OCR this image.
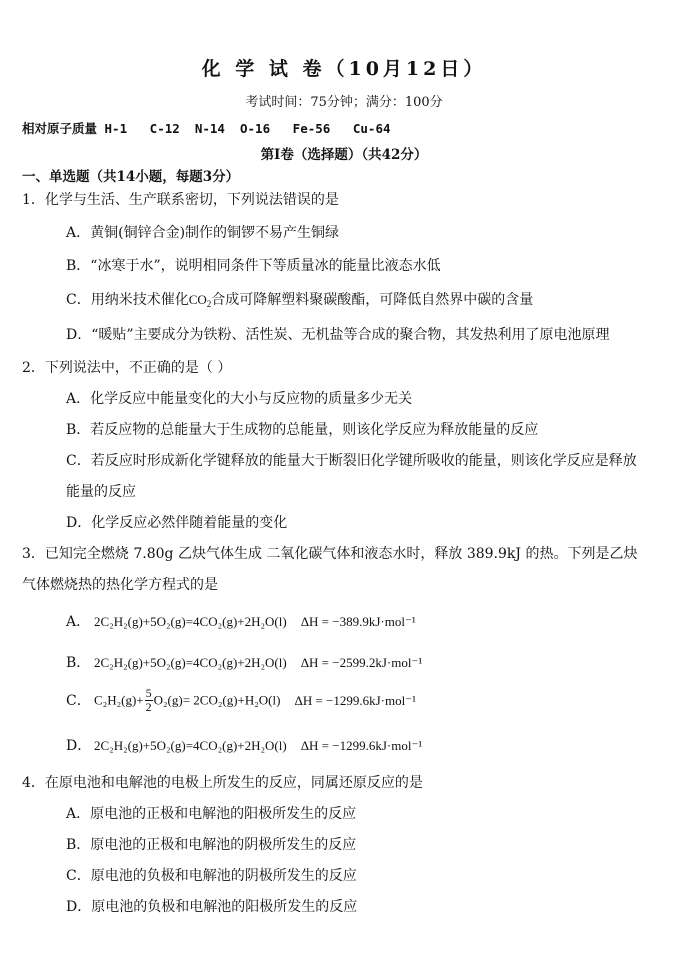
化 学 试 卷（10月12日）
考试时间：75分钟；满分：100分
相对原子质量 H-1   C-12  N-14  O-16   Fe-56   Cu-64
第Ⅰ卷（选择题）（共42分）
一、单选题（共14小题，每题3分）
1．化学与生活、生产联系密切，下列说法错误的是
A．黄铜(铜锌合金)制作的铜锣不易产生铜绿
B．“冰寒于水”，说明相同条件下等质量冰的能量比液态水低
C．用纳米技术催化$CO_2$合成可降解塑料聚碳酸酯，可降低自然界中碳的含量
D．“暖贴”主要成分为铁粉、活性炭、无机盐等合成的聚合物，其发热利用了原电池原理
2．下列说法中，不正确的是（ ）
A．化学反应中能量变化的大小与反应物的质量多少无关
B．若反应物的总能量大于生成物的总能量，则该化学反应为释放能量的反应
C．若反应时形成新化学键释放的能量大于断裂旧化学键所吸收的能量，则该化学反应是释放
能量的反应
D．化学反应必然伴随着能量的变化
3．已知完全燃烧 7.80g 乙炔气体生成 二氧化碳气体和液态水时，释放 389.9kJ 的热。下列是乙炔
气体燃烧热的热化学方程式的是
A． 2C₂H₂(g)+5O₂(g)=4CO₂(g)+2H₂O(l) ΔH = −389.9kJ·mol⁻¹
B． 2C₂H₂(g)+5O₂(g)=4CO₂(g)+2H₂O(l) ΔH = −2599.2kJ·mol⁻¹
C． $C_2H_2(g)+ \frac{5}{2} O_2(g)= 2CO_2(g)+H_2O(l) \Delta H = -1299.6kJ\cdot mol^{-1}$
D． 2C₂H₂(g)+5O₂(g)=4CO₂(g)+2H₂O(l) ΔH = −1299.6kJ·mol⁻¹
4．在原电池和电解池的电极上所发生的反应，同属还原反应的是
A．原电池的正极和电解池的阳极所发生的反应
B．原电池的正极和电解池的阴极所发生的反应
C．原电池的负极和电解池的阴极所发生的反应
D．原电池的负极和电解池的阳极所发生的反应
